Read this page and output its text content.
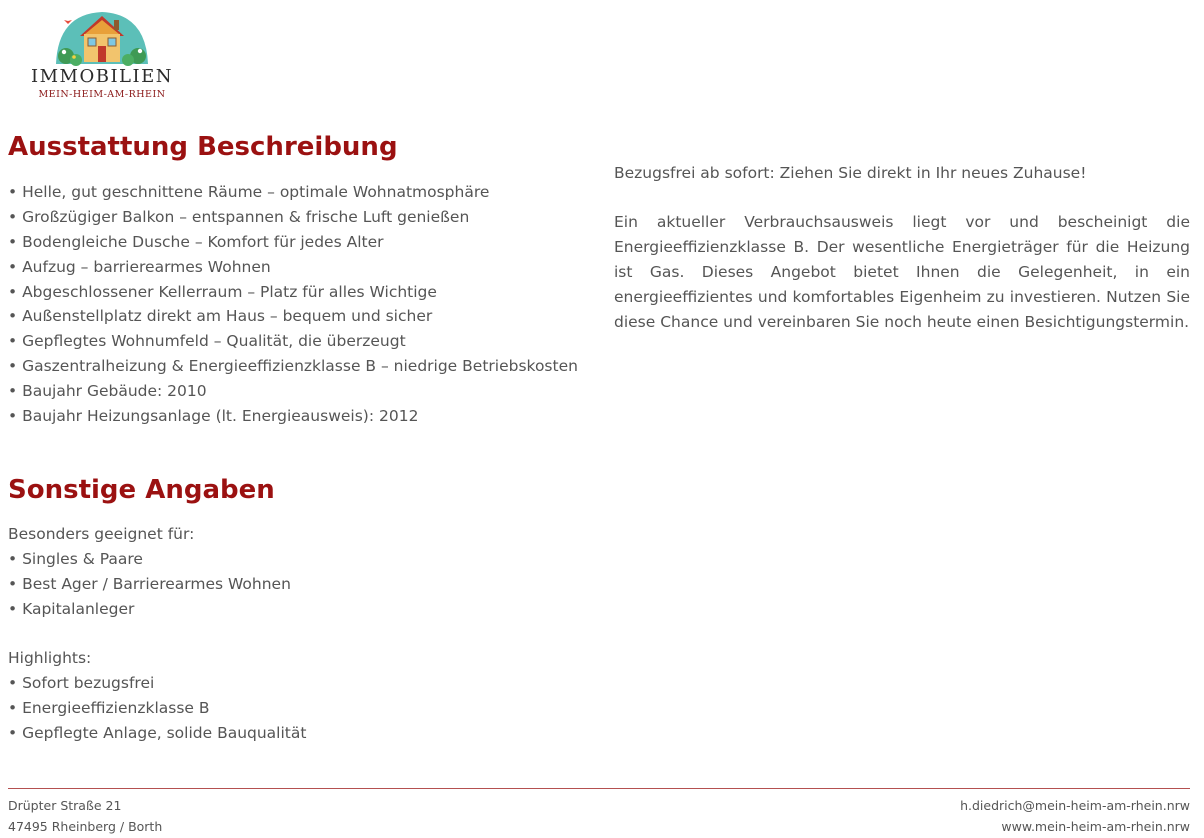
IMMOBILIEN
MEIN-HEIM-AM-RHEIN
Ausstattung Beschreibung
• Helle, gut geschnittene Räume – optimale Wohnatmosphäre
• Großzügiger Balkon – entspannen & frische Luft genießen
• Bodengleiche Dusche – Komfort für jedes Alter
• Aufzug – barrierearmes Wohnen
• Abgeschlossener Kellerraum – Platz für alles Wichtige
• Außenstellplatz direkt am Haus – bequem und sicher
• Gepflegtes Wohnumfeld – Qualität, die überzeugt
• Gaszentralheizung & Energieeffizienzklasse B – niedrige Betriebskosten
• Baujahr Gebäude: 2010
• Baujahr Heizungsanlage (lt. Energieausweis): 2012

Bezugsfrei ab sofort: Ziehen Sie direkt in Ihr neues Zuhause!

Ein aktueller Verbrauchsausweis liegt vor und bescheinigt die Energieeffizienzklasse B. Der wesentliche Energieträger für die Heizung ist Gas. Dieses Angebot bietet Ihnen die Gelegenheit, in ein energieeffizientes und komfortables Eigenheim zu investieren. Nutzen Sie diese Chance und vereinbaren Sie noch heute einen Besichtigungstermin.

Sonstige Angaben

Besonders geeignet für:

• Singles & Paare
• Best Ager / Barrierearmes Wohnen
• Kapitalanleger

Highlights:

• Sofort bezugsfrei
• Energieeffizienzklasse B
• Gepflegte Anlage, solide Bauqualität
Drüpter Straße 21
47495 Rheinberg / Borth
h.diedrich@mein-heim-am-rhein.nrw
www.mein-heim-am-rhein.nrw
